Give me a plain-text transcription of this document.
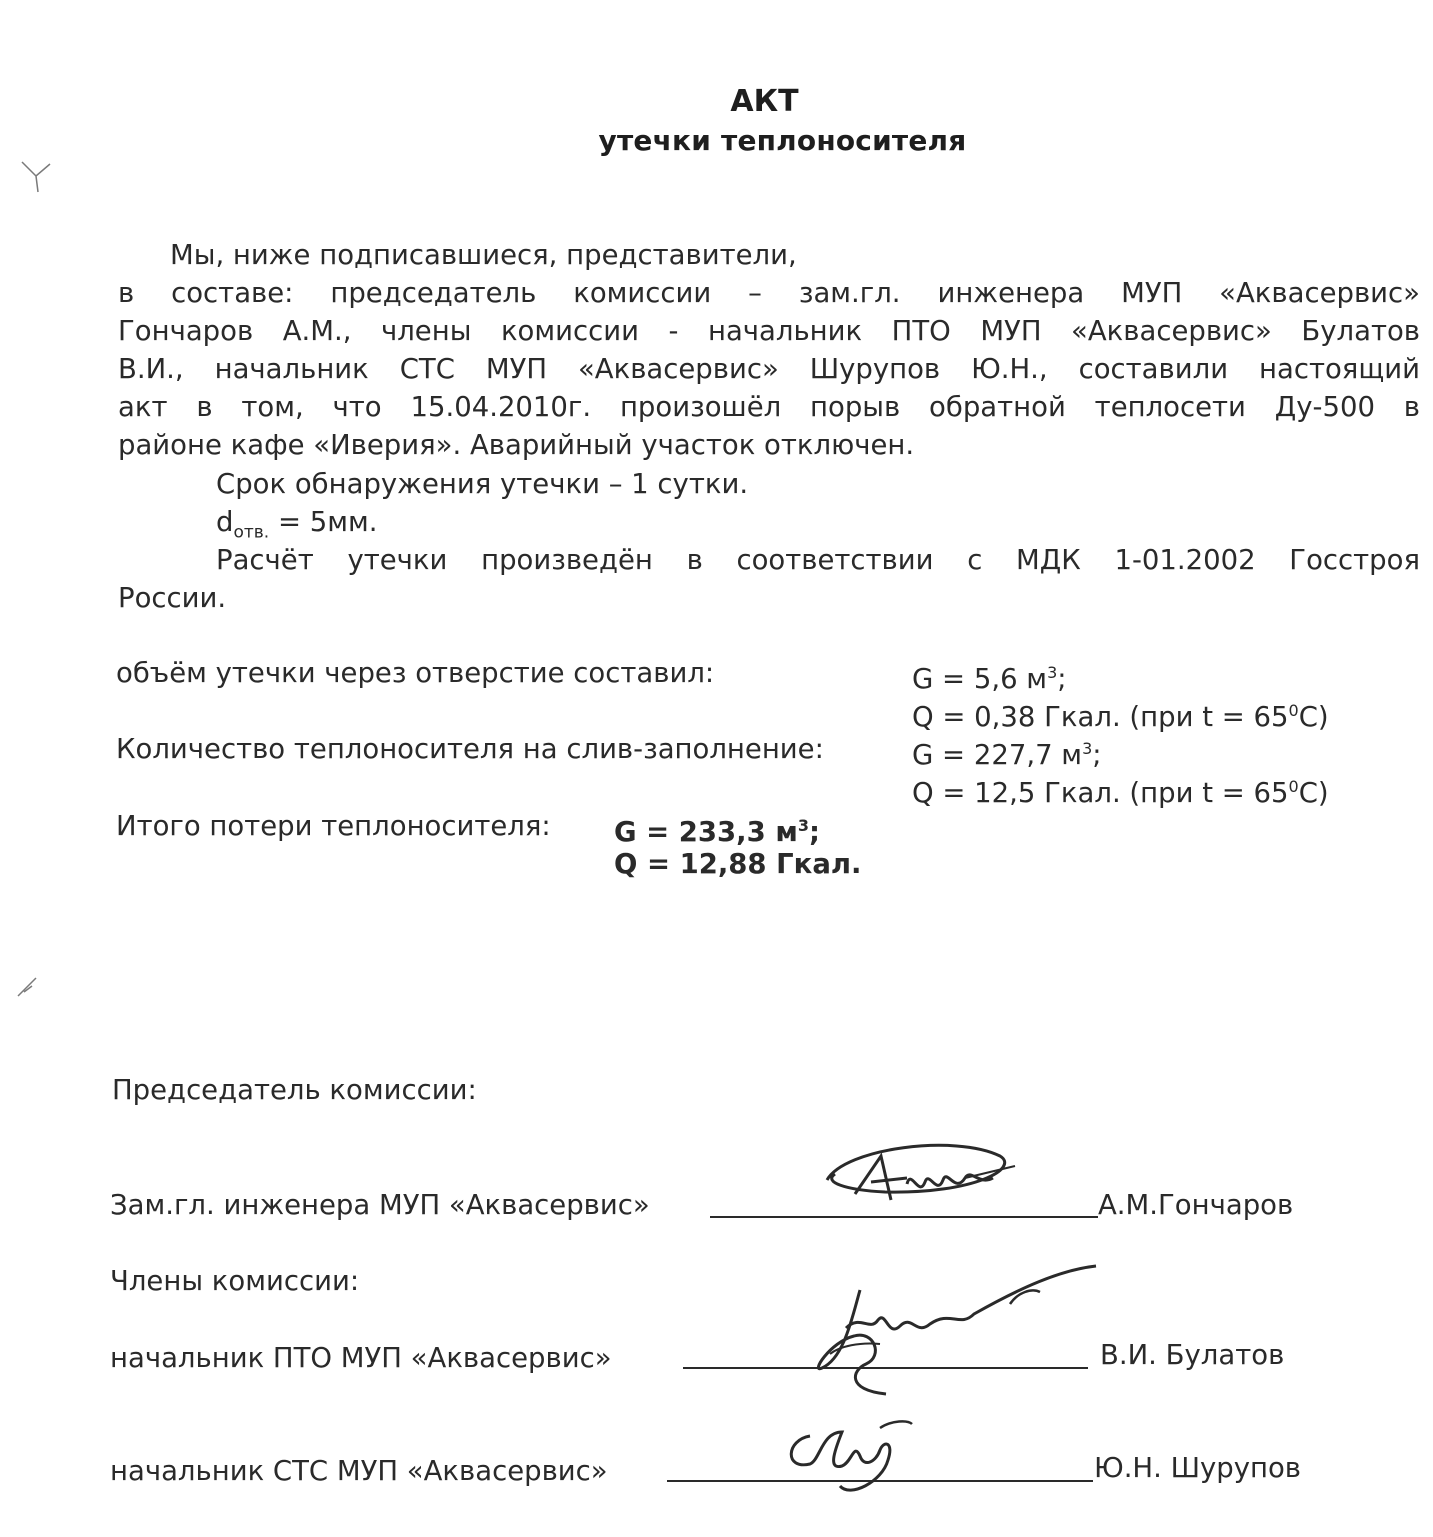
АКТ
утечки теплоносителя
Мы, ниже подписавшиеся, представители,
в составе: председатель комиссии – зам.гл. инженера МУП «Аквасервис»
Гончаров А.М., члены комиссии - начальник ПТО МУП «Аквасервис» Булатов
В.И., начальник СТС МУП «Аквасервис» Шурупов Ю.Н., составили настоящий
акт в том, что 15.04.2010г. произошёл порыв обратной теплосети Ду-500 в
районе кафе «Иверия». Аварийный участок отключен.
Срок обнаружения утечки – 1 сутки.
$d_{отв.} = 5мм$.
Расчёт утечки произведён в соответствии с МДК 1-01.2002 Госстроя
России.
объём утечки через отверстие составил:	G = 5,6 $м^3$;
Q = 0,38 Гкал. (при $t = 65^0С$)
Количество теплоносителя на слив-заполнение:	G = 227,7 $м^3$;
Q = 12,5 Гкал. (при $t = 65^0С$)
Итого потери теплоносителя: G = 233,3 $м^3$;
Q = 12,88 Гкал.
Председатель комиссии:
Зам.гл. инженера МУП «Аквасервис»	А.М.Гончаров
Члены комиссии:
начальник ПТО МУП «Аквасервис»	В.И. Булатов
начальник СТС МУП «Аквасервис»	Ю.Н. Шурупов
